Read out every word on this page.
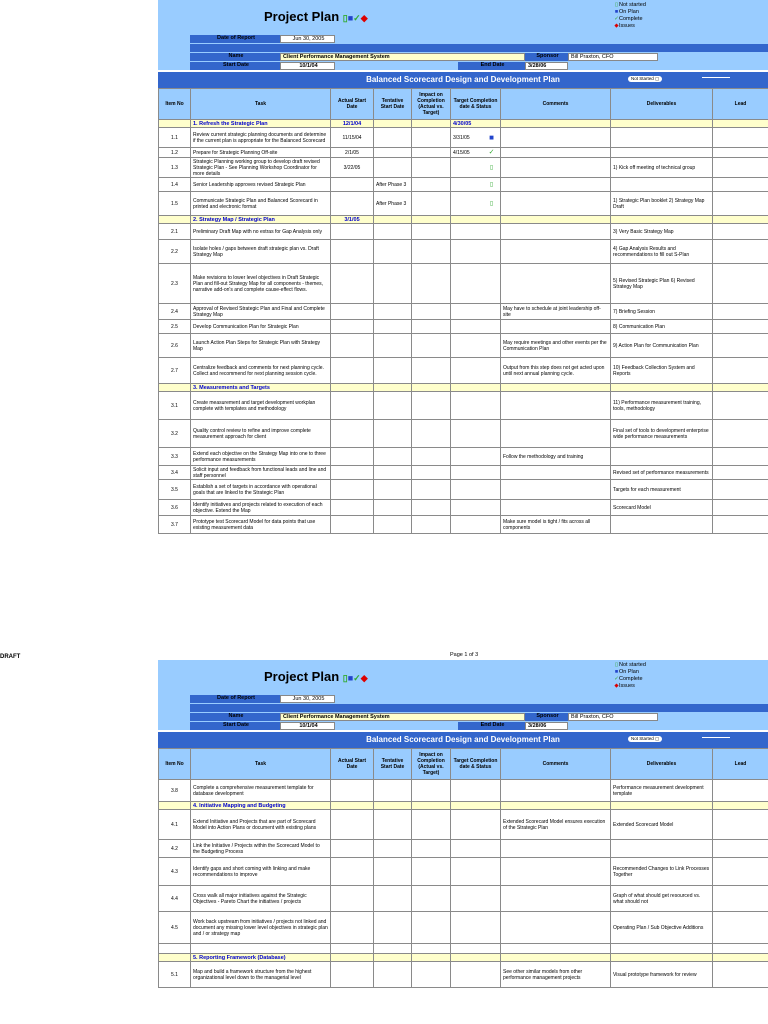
Project Plan ▯■✓◆
▯Not started
■On Plan
✓Complete
◆Issues
Date of Report	Jun 30, 2005
Name	Client Performance Management System	Sponsor	Bill Praxton, CFO
Start Date	10/1/04	End Date	3/28/06
Balanced Scorecard Design and Development Plan	Not Started ▢
Item No	Task	Actual Start Date	Tentative Start Date	Impact on Completion (Actual vs. Target)	Target Completion date & Status	Comments	Deliverables	Lead
	1. Refresh the Strategic Plan	12/1/04			4/30/05			
1.1	Review current strategic planning documents and determine if the current plan is appropriate for the Balanced Scorecard	11/15/04			3/31/05 ■			

1.2	Prepare for Strategic Planning Off-site	2/1/05			4/15/05 ✓			

1.3	Strategic Planning working group to develop draft revised Strategic Plan - See Planning Workshop Coordinator for more details	3/22/05			▯		1) Kick off meeting of technical group	
1.4	Senior Leadership approves revised Strategic Plan		After Phase 3		▯			

1.5	Communicate Strategic Plan and Balanced Scorecard in printed and electronic format		After Phase 3		▯		1) Strategic Plan booklet 2) Strategy Map Draft	
	2. Strategy Map / Strategic Plan	3/1/05						
2.1	Preliminary Draft Map with no extras for Gap Analysis only						3) Very Basic Strategy Map	
2.2	Isolate holes / gaps between draft strategic plan vs. Draft Strategy Map						4) Gap Analysis Results and recommendations to fill out S-Plan	
2.3	Make revisions to lower level objectives in Draft Strategic Plan and fill-out Strategy Map for all components - themes, narrative add-on's and complete cause-effect flows.						5) Revised Strategic Plan 6) Revised Strategy Map	
2.4	Approval of Revised Strategic Plan and Final and Complete Strategy Map					May have to schedule at joint leadership off-site	7) Briefing Session	
2.5	Develop Communication Plan for Strategic Plan						8) Communication Plan	
2.6	Launch Action Plan Steps for Strategic Plan with Strategy Map					May require meetings and other events per the Communication Plan	9) Action Plan for Communication Plan	
2.7	Centralize feedback and comments for next planning cycle. Collect and recommend for next planning session cycle.					Output from this step does not get acted upon until next annual planning cycle.	10) Feedback Collection System and Reports	
	3. Measurements and Targets							
3.1	Create measurement and target development workplan complete with templates and methodology						11) Performance measurement training, tools, methodology	
3.2	Quality control review to refine and improve complete measurement approach for client						Final set of tools to development enterprise wide performance measurements	
3.3	Extend each objective on the Strategy Map into one to three performance measurements					Follow the methodology and training		
3.4	Solicit input and feedback from functional leads and line and staff personnel						Revised set of performance measurements	
3.5	Establish a set of targets in accordance with operational goals that are linked to the Strategic Plan						Targets for each measurement	
3.6	Identify initiatives and projects related to execution of each objective. Extend the Map						Scorecard Model	
3.7	Prototype test Scorecard Model for data points that use existing measurement data					Make sure model is tight / fits across all components		
DRAFT	Page 1 of 3
Project Plan ▯■✓◆
▯Not started
■On Plan
✓Complete
◆Issues
Date of Report	Jun 30, 2005
Name	Client Performance Management System	Sponsor	Bill Praxton, CFO
Start Date	10/1/04	End Date	3/28/06
Balanced Scorecard Design and Development Plan	Not Started ▢
Item No	Task	Actual Start Date	Tentative Start Date	Impact on Completion (Actual vs. Target)	Target Completion date & Status	Comments	Deliverables	Lead
3.8	Complete a comprehensive measurement template for database development						Performance measurement development template	
	4. Initiative Mapping and Budgeting							
4.1	Extend Initiative and Projects that are part of Scorecard Model into Action Plans or document with existing plans					Extended Scorecard Model ensures execution of the Strategic Plan	Extended Scorecard Model	
4.2	Link the Initiative / Projects within the Scorecard Model to the Budgeting Process				

4.3	Identify gaps and short coming with linking and make recommendations to improve						Recommended Changes to Link Processes Together	
4.4	Cross walk all major initiatives against the Strategic Objectives - Pareto Chart the initiatives / projects						Graph of what should get resourced vs. what should not	
4.5	Work back upstream from initiatives / projects not linked and document any missing lower level objectives in strategic plan and / or strategy map						Operating Plan / Sub Objective Additions	

	5. Reporting Framework (Database)							
5.1	Map and build a framework structure from the highest organizational level down to the managerial level					See other similar models from other performance management projects	Visual prototype framework for review	
